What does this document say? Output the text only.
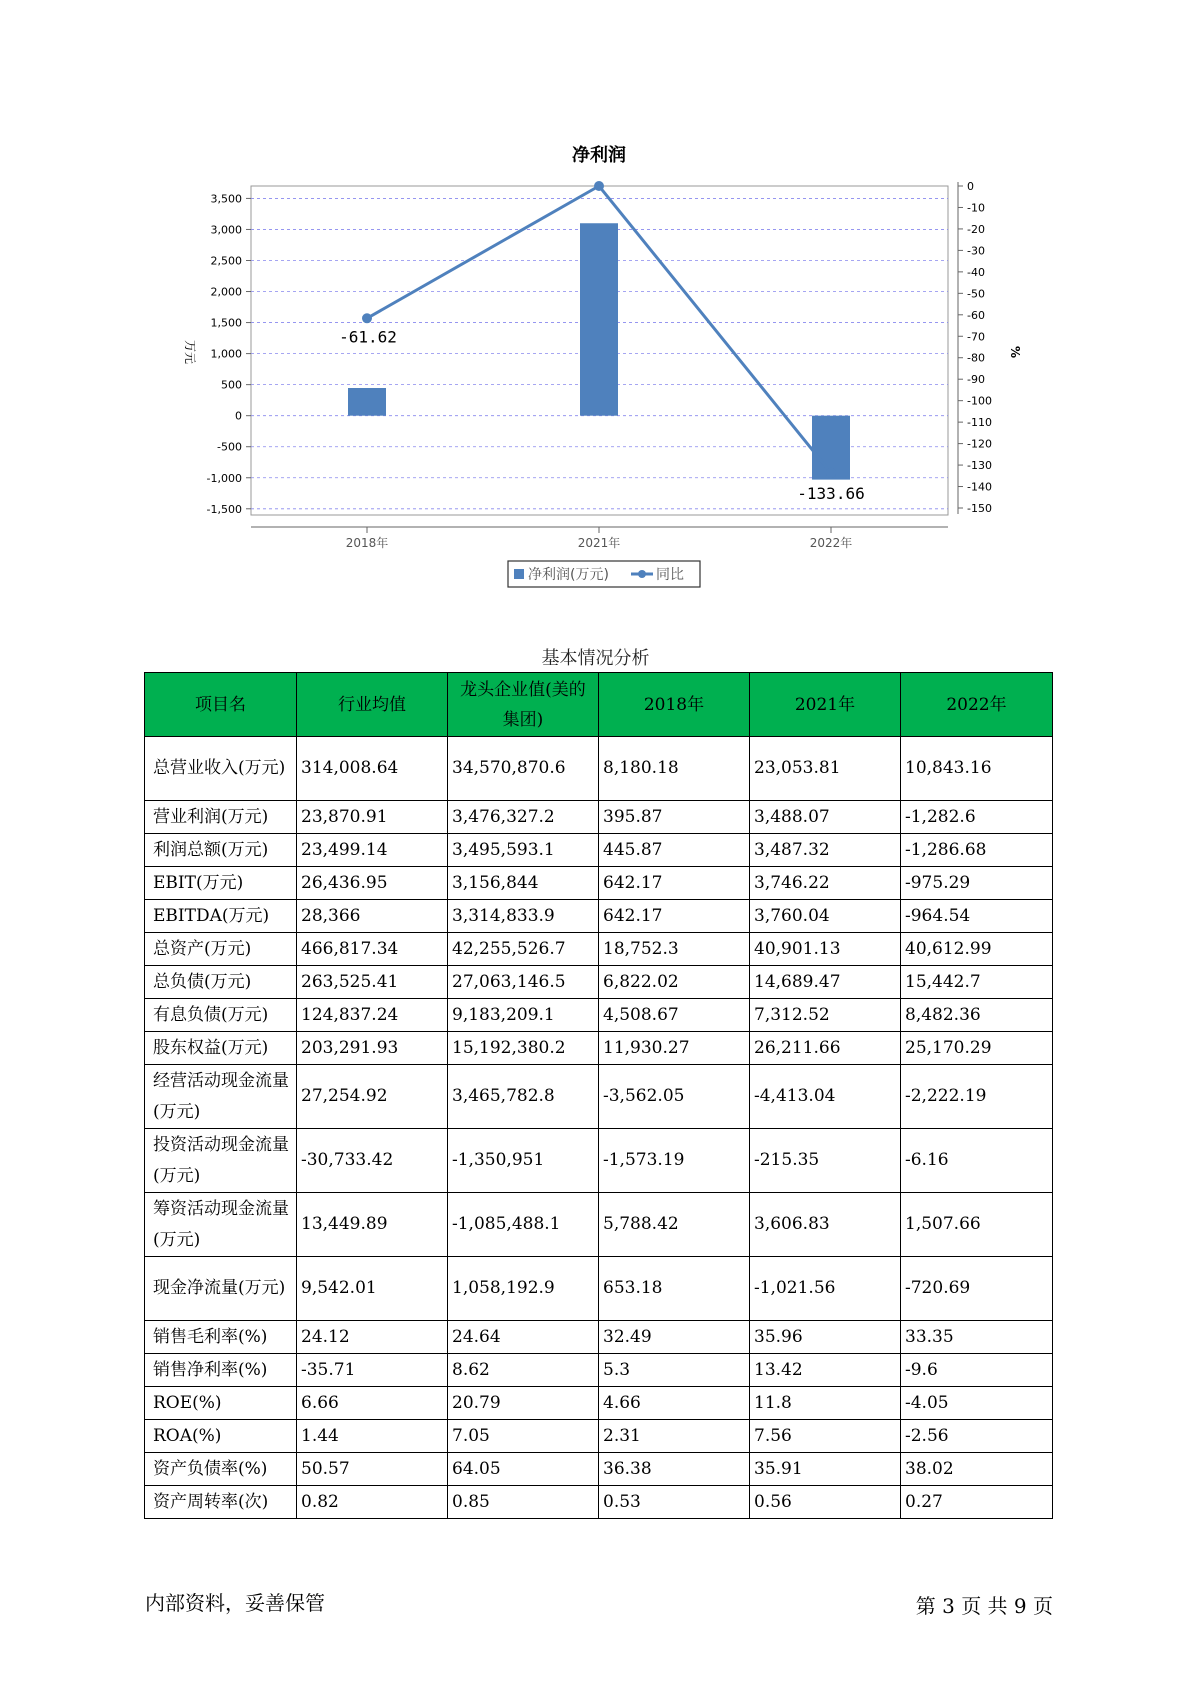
净利润
3,500
3,000
2,500
2,000
1,500
1,000
500
0
-500
-1,000
-1,500
0
-10
-20
-30
-40
-50
-60
-70
-80
-90
-100
-110
-120
-130
-140
-150
万元	%
2018年	2021年	2022年
-61.62
-133.66
净利润(万元)	同比
基本情况分析
项目名	行业均值	龙头企业值(美的集团)	2018年	2021年	2022年
总营业收入(万元)	314,008.64	34,570,870.6	8,180.18	23,053.81	10,843.16
营业利润(万元)	23,870.91	3,476,327.2	395.87	3,488.07	-1,282.6
利润总额(万元)	23,499.14	3,495,593.1	445.87	3,487.32	-1,286.68
EBIT(万元)	26,436.95	3,156,844	642.17	3,746.22	-975.29
EBITDA(万元)	28,366	3,314,833.9	642.17	3,760.04	-964.54
总资产(万元)	466,817.34	42,255,526.7	18,752.3	40,901.13	40,612.99
总负债(万元)	263,525.41	27,063,146.5	6,822.02	14,689.47	15,442.7
有息负债(万元)	124,837.24	9,183,209.1	4,508.67	7,312.52	8,482.36
股东权益(万元)	203,291.93	15,192,380.2	11,930.27	26,211.66	25,170.29
经营活动现金流量(万元)	27,254.92	3,465,782.8	-3,562.05	-4,413.04	-2,222.19
投资活动现金流量(万元)	-30,733.42	-1,350,951	-1,573.19	-215.35	-6.16
筹资活动现金流量(万元)	13,449.89	-1,085,488.1	5,788.42	3,606.83	1,507.66
现金净流量(万元)	9,542.01	1,058,192.9	653.18	-1,021.56	-720.69
销售毛利率(%)	24.12	24.64	32.49	35.96	33.35
销售净利率(%)	-35.71	8.62	5.3	13.42	-9.6
ROE(%)	6.66	20.79	4.66	11.8	-4.05
ROA(%)	1.44	7.05	2.31	7.56	-2.56
资产负债率(%)	50.57	64.05	36.38	35.91	38.02
资产周转率(次)	0.82	0.85	0.53	0.56	0.27
内部资料，妥善保管	第 3 页 共 9 页
